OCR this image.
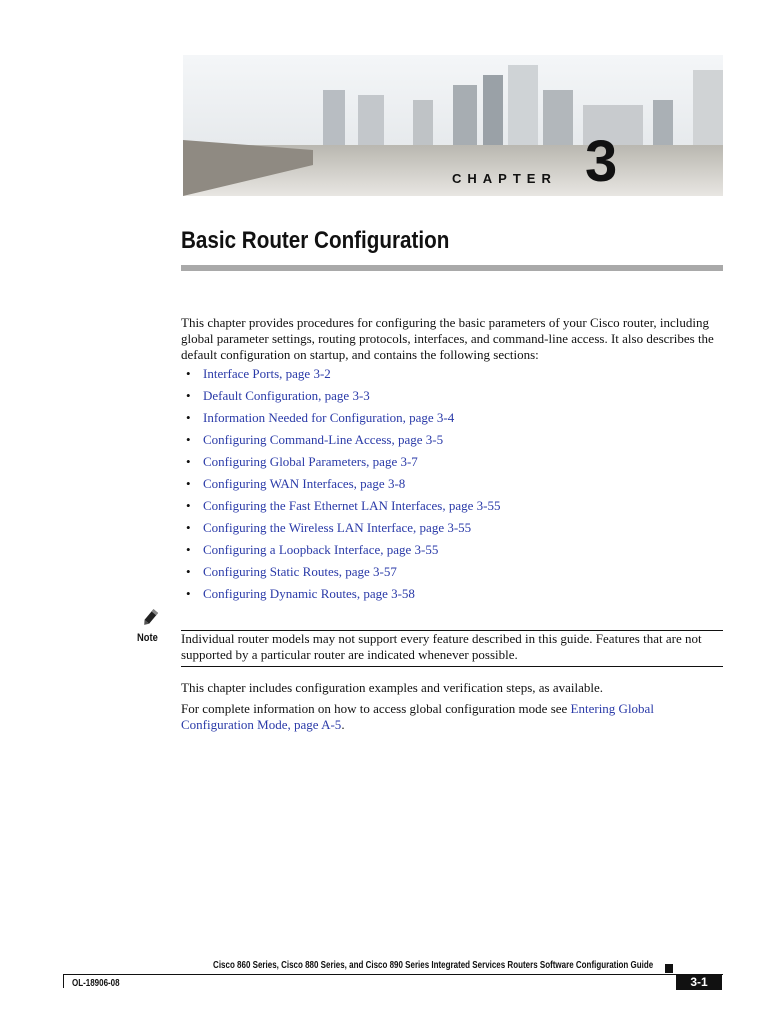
CHAPTER 3
Basic Router Configuration

This chapter provides procedures for configuring the basic parameters of your Cisco router, including global parameter settings, routing protocols, interfaces, and command-line access. It also describes the default configuration on startup, and contains the following sections:

• Interface Ports, page 3-2
• Default Configuration, page 3-3
• Information Needed for Configuration, page 3-4
• Configuring Command-Line Access, page 3-5
• Configuring Global Parameters, page 3-7
• Configuring WAN Interfaces, page 3-8
• Configuring the Fast Ethernet LAN Interfaces, page 3-55
• Configuring the Wireless LAN Interface, page 3-55
• Configuring a Loopback Interface, page 3-55
• Configuring Static Routes, page 3-57
• Configuring Dynamic Routes, page 3-58
Note Individual router models may not support every feature described in this guide. Features that are not supported by a particular router are indicated whenever possible.

This chapter includes configuration examples and verification steps, as available.

For complete information on how to access global configuration mode see Entering Global Configuration Mode, page A-5.

Cisco 860 Series, Cisco 880 Series, and Cisco 890 Series Integrated Services Routers Software Configuration Guide
OL-18906-08	3-1
